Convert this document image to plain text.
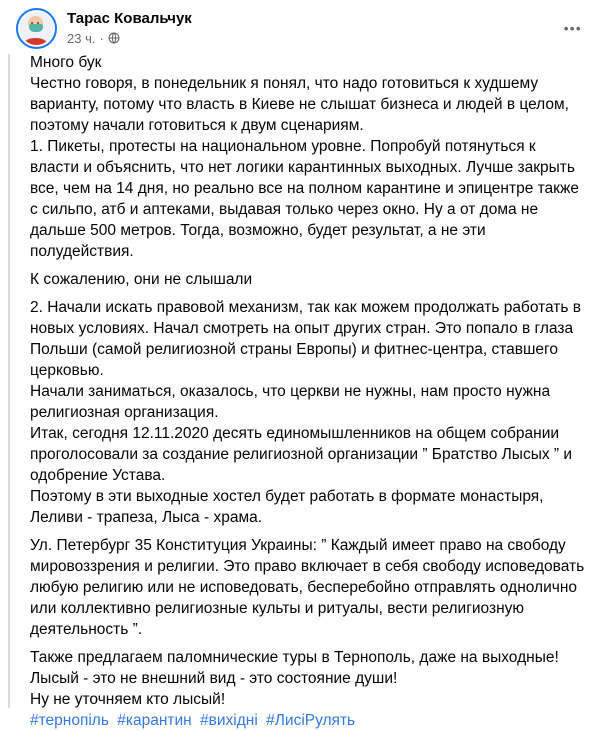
Тарас Ковальчук
23 ч. ·
•••
Много бук
Честно говоря, в понедельник я понял, что надо готовиться к худшему варианту, потому что власть в Киеве не слышат бизнеса и людей в целом, поэтому начали готовиться к двум сценариям.
1. Пикеты, протесты на национальном уровне. Попробуй потянуться к власти и объяснить, что нет логики карантинных выходных. Лучше закрыть все, чем на 14 дня, но реально все на полном карантине и эпицентре также с сильпо, атб и аптеками, выдавая только через окно. Ну а от дома не дальше 500 метров. Тогда, возможно, будет результат, а не эти полудействия.
К сожалению, они не слышали
2. Начали искать правовой механизм, так как можем продолжать работать в новых условиях. Начал смотреть на опыт других стран. Это попало в глаза Польши (самой религиозной страны Европы) и фитнес-центра, ставшего церковью.
Начали заниматься, оказалось, что церкви не нужны, нам просто нужна религиозная организация.
Итак, сегодня 12.11.2020 десять единомышленников на общем собрании проголосовали за создание религиозной организации ” Братство Лысых ” и одобрение Устава.
Поэтому в эти выходные хостел будет работать в формате монастыря, Леливи - трапеза, Лыса - храма.
Ул. Петербург 35 Конституция Украины: ” Каждый имеет право на свободу мировоззрения и религии. Это право включает в себя свободу исповедовать любую религию или не исповедовать, бесперебойно отправлять однолично или коллективно религиозные культы и ритуалы, вести религиозную деятельность ”.
Также предлагаем паломнические туры в Тернополь, даже на выходные!
Лысый - это не внешний вид - это состояние души!
Ну не уточняем кто лысый!
#тернопіль #карантин #вихідні #ЛисіРулять
